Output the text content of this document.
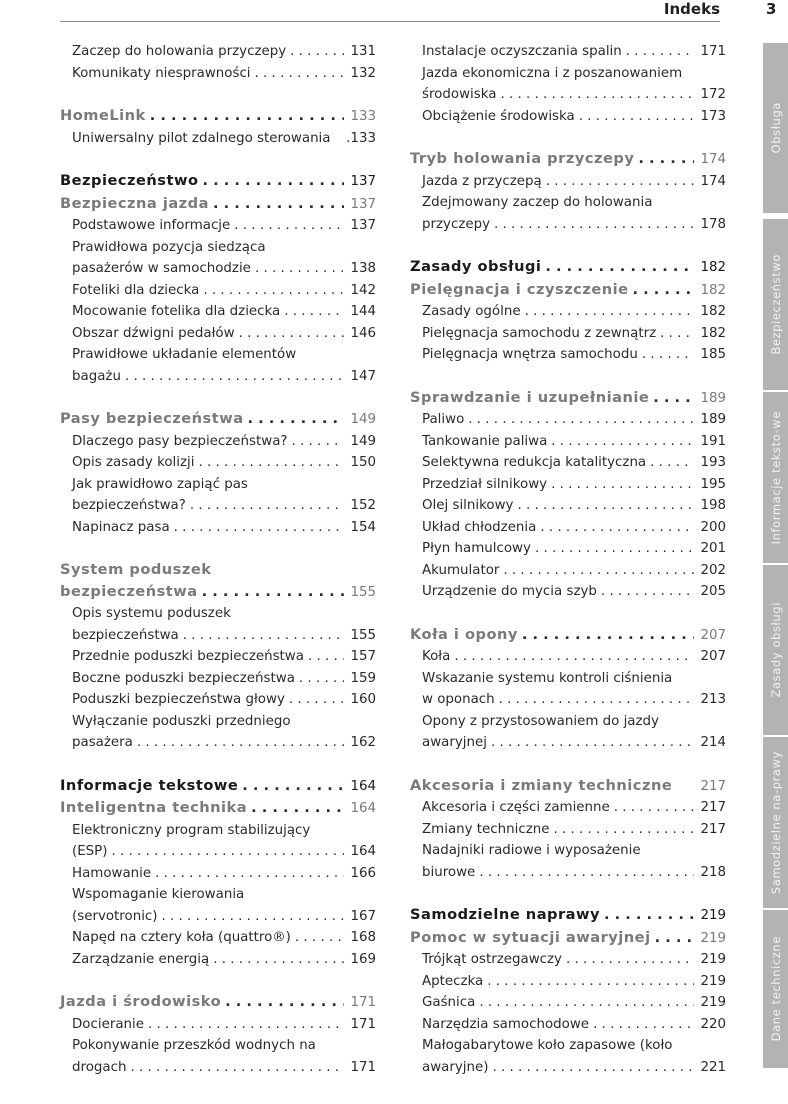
Indeks	3
Zaczep do holowania przyczepy . . .	131
Komunikaty niesprawności . . .	132
HomeLink . . .	133
Uniwersalny pilot zdalnego sterowania .133
Bezpieczeństwo . . .	137
Bezpieczna jazda . . .	137
Podstawowe informacje . . .	137
Prawidłowa pozycja siedząca
pasażerów w samochodzie . . .	138
Foteliki dla dziecka . . .	142
Mocowanie fotelika dla dziecka . . .	144
Obszar dźwigni pedałów . . .	146
Prawidłowe układanie elementów
bagażu . . .	147
Pasy bezpieczeństwa . . .	149
Dlaczego pasy bezpieczeństwa? . . .	149
Opis zasady kolizji . . .	150
Jak prawidłowo zapiąć pas
bezpieczeństwa? . . .	152
Napinacz pasa . . .	154
System poduszek
bezpieczeństwa . . .	155
Opis systemu poduszek
bezpieczeństwa . . .	155
Przednie poduszki bezpieczeństwa . . .	157
Boczne poduszki bezpieczeństwa . . .	159
Poduszki bezpieczeństwa głowy . . .	160
Wyłączanie poduszki przedniego
pasażera . . .	162
Informacje tekstowe . . .	164
Inteligentna technika . . .	164
Elektroniczny program stabilizujący
(ESP) . . .	164
Hamowanie . . .	166
Wspomaganie kierowania
(servotronic) . . .	167
Napęd na cztery koła (quattro®) . . .	168
Zarządzanie energią . . .	169
Jazda i środowisko . . .	171
Docieranie . . .	171
Pokonywanie przeszkód wodnych na
drogach . . .	171
Instalacje oczyszczania spalin . . .	171
Jazda ekonomiczna i z poszanowaniem
środowiska . . .	172
Obciążenie środowiska . . .	173
Tryb holowania przyczepy . . .	174
Jazda z przyczepą . . .	174
Zdejmowany zaczep do holowania
przyczepy . . .	178
Zasady obsługi . . .	182
Pielęgnacja i czyszczenie . . .	182
Zasady ogólne . . .	182
Pielęgnacja samochodu z zewnątrz . . .	182
Pielęgnacja wnętrza samochodu . . .	185
Sprawdzanie i uzupełnianie . . .	189
Paliwo . . .	189
Tankowanie paliwa . . .	191
Selektywna redukcja katalityczna . . .	193
Przedział silnikowy . . .	195
Olej silnikowy . . .	198
Układ chłodzenia . . .	200
Płyn hamulcowy . . .	201
Akumulator . . .	202
Urządzenie do mycia szyb . . .	205
Koła i opony . . .	207
Koła . . .	207
Wskazanie systemu kontroli ciśnienia
w oponach . . .	213
Opony z przystosowaniem do jazdy
awaryjnej . . .	214
Akcesoria i zmiany techniczne 217
Akcesoria i części zamienne . . .	217
Zmiany techniczne . . .	217
Nadajniki radiowe i wyposażenie
biurowe . . .	218
Samodzielne naprawy . . .	219
Pomoc w sytuacji awaryjnej . . .	219
Trójkąt ostrzegawczy . . .	219
Apteczka . . .	219
Gaśnica . . .	219
Narzędzia samochodowe . . .	220
Małogabarytowe koło zapasowe (koło
awaryjne) . . .	221
Obsługa
Bezpieczeństwo
Informacje teksto-we
Zasady obsługi
Samodzielne na-prawy
Dane techniczne
